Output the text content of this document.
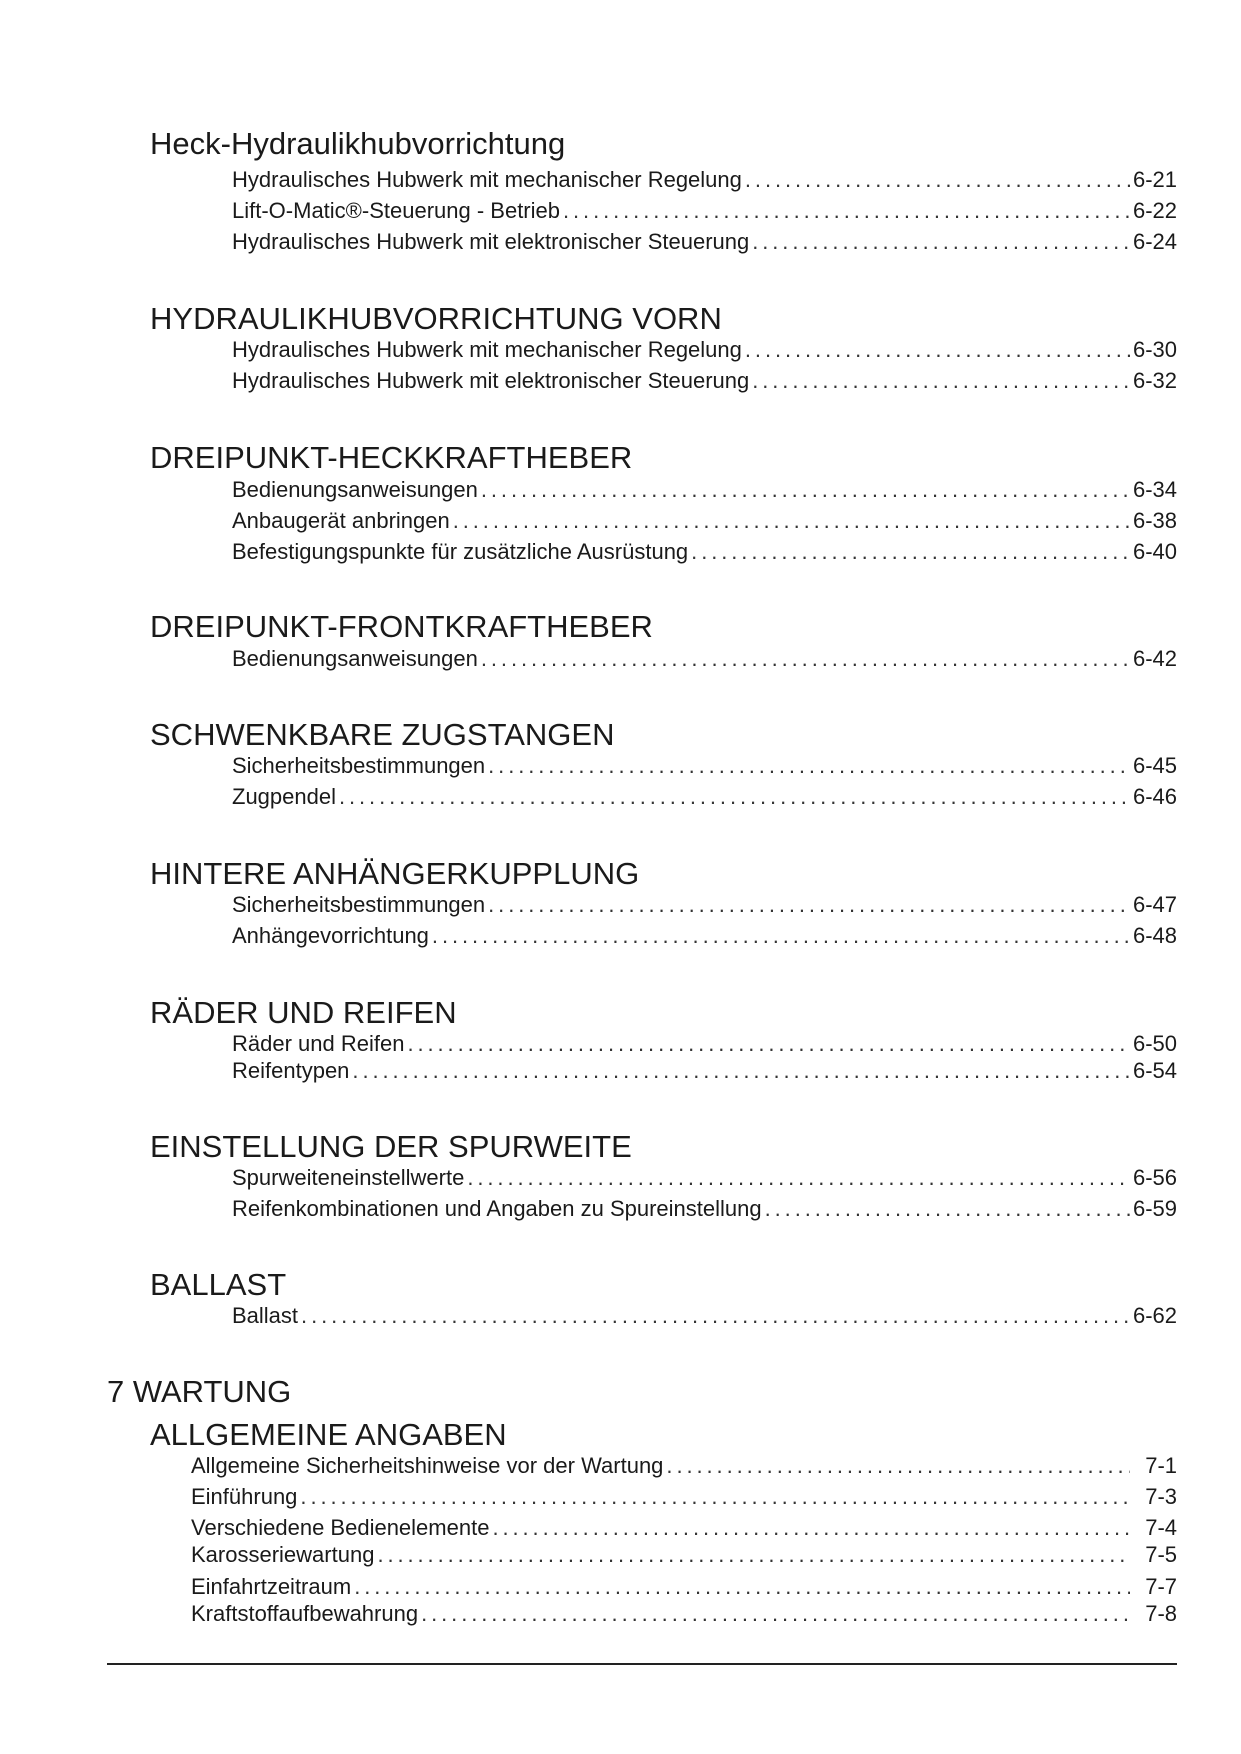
Heck-Hydraulikhubvorrichtung
Hydraulisches Hubwerk mit mechanischer Regelung . . .	6-21
Lift-O-Matic®-Steuerung - Betrieb . . .	6-22
Hydraulisches Hubwerk mit elektronischer Steuerung . . .	6-24
HYDRAULIKHUBVORRICHTUNG VORN
Hydraulisches Hubwerk mit mechanischer Regelung . . .	6-30
Hydraulisches Hubwerk mit elektronischer Steuerung . . .	6-32
DREIPUNKT-HECKKRAFTHEBER
Bedienungsanweisungen . . .	6-34
Anbaugerät anbringen . . .	6-38
Befestigungspunkte für zusätzliche Ausrüstung . . .	6-40
DREIPUNKT-FRONTKRAFTHEBER
Bedienungsanweisungen . . .	6-42
SCHWENKBARE ZUGSTANGEN
Sicherheitsbestimmungen . . .	6-45
Zugpendel . . .	6-46
HINTERE ANHÄNGERKUPPLUNG
Sicherheitsbestimmungen . . .	6-47
Anhängevorrichtung . . .	6-48
RÄDER UND REIFEN
Räder und Reifen . . .	6-50
Reifentypen . . .	6-54
EINSTELLUNG DER SPURWEITE
Spurweiteneinstellwerte . . .	6-56
Reifenkombinationen und Angaben zu Spureinstellung . . .	6-59
BALLAST
Ballast . . .	6-62
7 WARTUNG
ALLGEMEINE ANGABEN
Allgemeine Sicherheitshinweise vor der Wartung . . .	7-1
Einführung . . .	7-3
Verschiedene Bedienelemente . . .	7-4
Karosseriewartung . . .	7-5
Einfahrtzeitraum . . .	7-7
Kraftstoffaufbewahrung . . .	7-8
